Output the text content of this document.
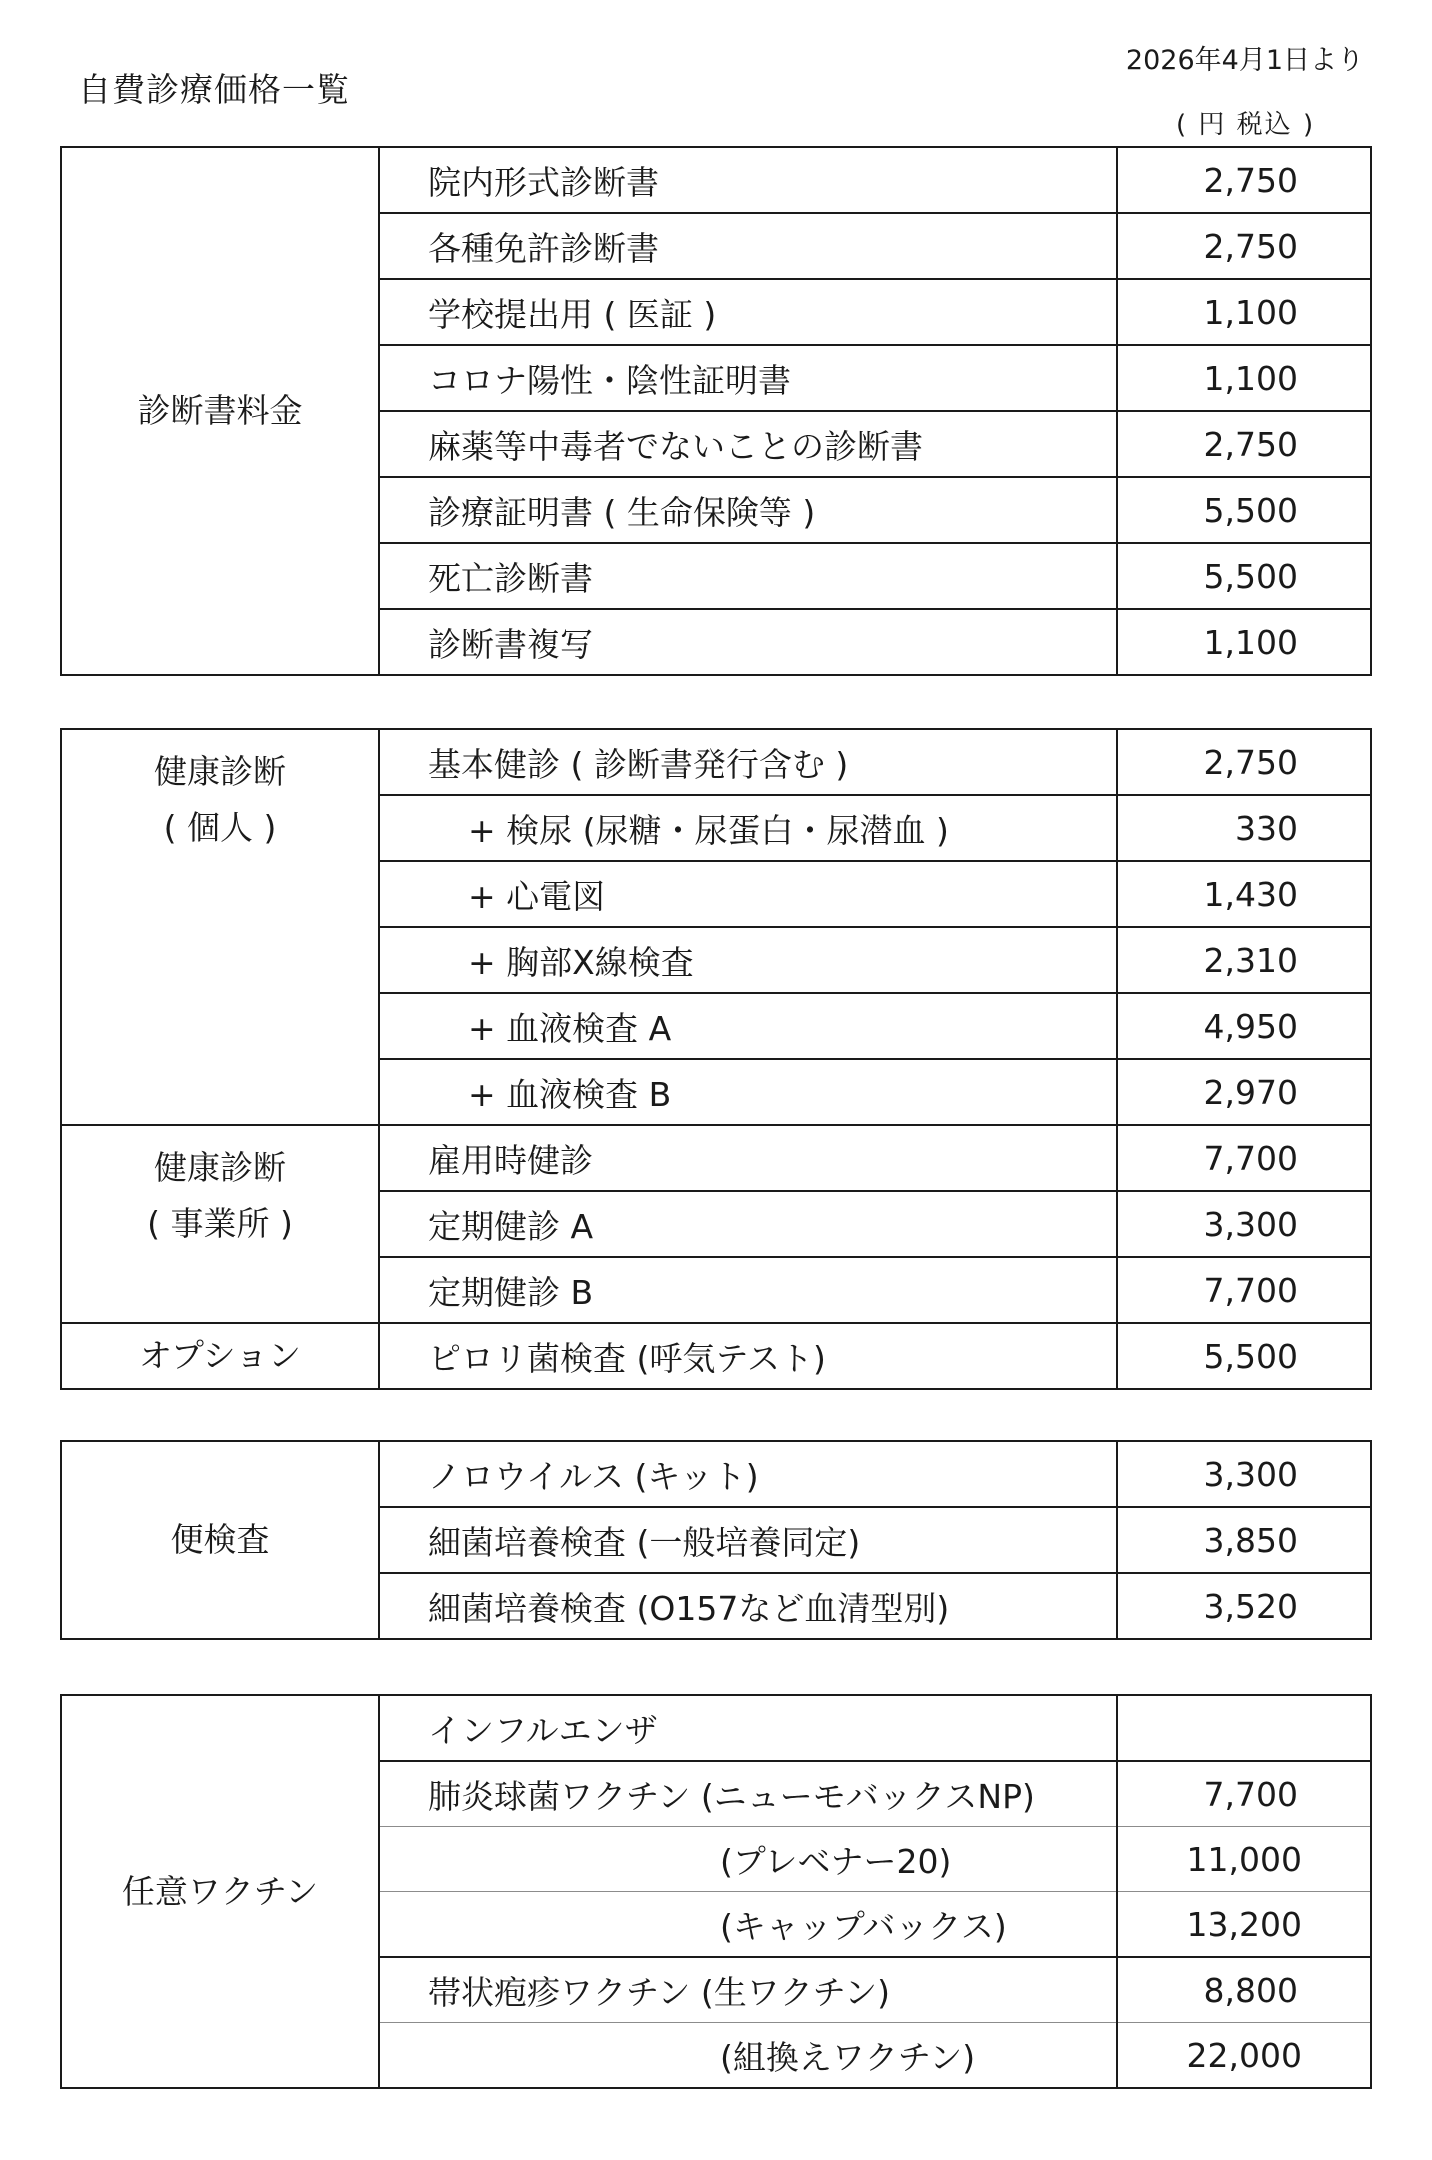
自費診療価格一覧
2026年4月1日より
( 円 税込 )
診断書料金	院内形式診断書	2,750
	各種免許診断書	2,750
	学校提出用 ( 医証 )	1,100
	コロナ陽性・陰性証明書	1,100
	麻薬等中毒者でないことの診断書	2,750
	診療証明書 ( 生命保険等 )	5,500
	死亡診断書	5,500
	診断書複写	1,100
健康診断
( 個人 )	基本健診 ( 診断書発行含む )	2,750
	+ 検尿 (尿糖・尿蛋白・尿潜血 )	330
	+ 心電図	1,430
	+ 胸部X線検査	2,310
	+ 血液検査 A	4,950
	+ 血液検査 B	2,970

健康診断
( 事業所 )	雇用時健診	7,700
	定期健診 A	3,300
	定期健診 B	7,700
オプション	ピロリ菌検査 (呼気テスト)	5,500
便検査	ノロウイルス (キット)	3,300
	細菌培養検査 (一般培養同定)	3,850
	細菌培養検査 (O157など血清型別)	3,520
任意ワクチン	インフルエンザ	
	肺炎球菌ワクチン (ニューモバックスNP)	7,700
	(プレベナー20)	11,000
	(キャップバックス)	13,200
	帯状疱疹ワクチン (生ワクチン)	8,800
	(組換えワクチン)	22,000
